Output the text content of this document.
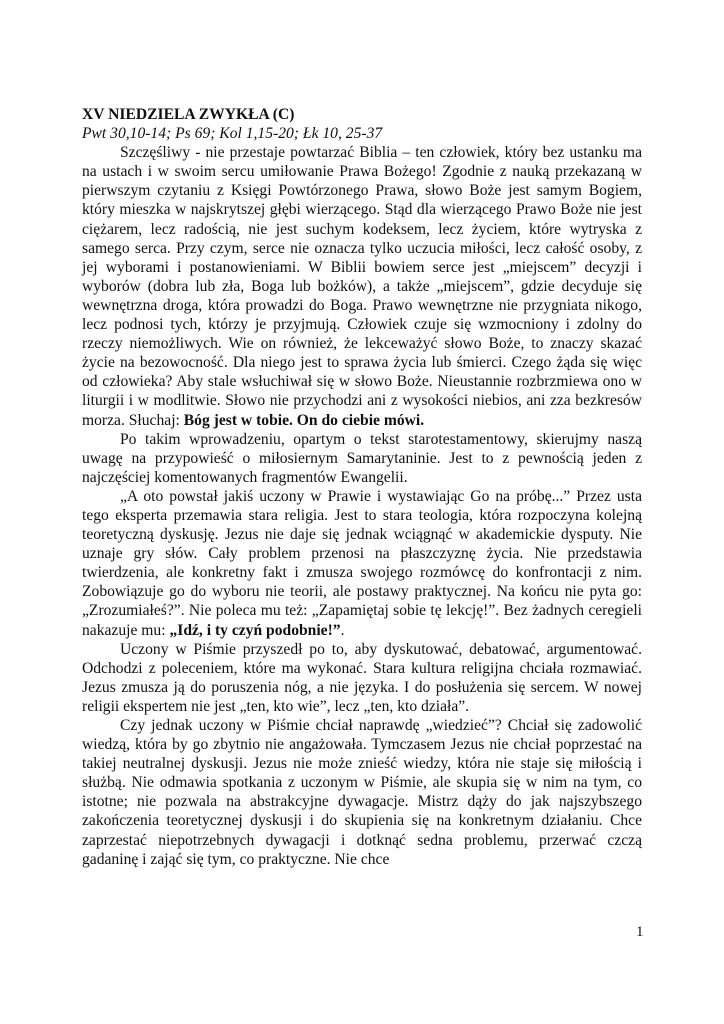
XV NIEDZIELA ZWYKŁA (C)

Pwt 30,10-14; Ps 69; Kol 1,15-20; Łk 10, 25-37

Szczęśliwy - nie przestaje powtarzać Biblia – ten człowiek, który bez ustanku ma na ustach i w swoim sercu umiłowanie Prawa Bożego! Zgodnie z nauką przekazaną w pierwszym czytaniu z Księgi Powtórzonego Prawa, słowo Boże jest samym Bogiem, który mieszka w najskrytszej głębi wierzącego. Stąd dla wierzącego Prawo Boże nie jest ciężarem, lecz radością, nie jest suchym kodeksem, lecz życiem, które wytryska z samego serca. Przy czym, serce nie oznacza tylko uczucia miłości, lecz całość osoby, z jej wyborami i postanowieniami. W Biblii bowiem serce jest „miejscem” decyzji i wyborów (dobra lub zła, Boga lub bożków), a także „miejscem”, gdzie decyduje się wewnętrzna droga, która prowadzi do Boga. Prawo wewnętrzne nie przygniata nikogo, lecz podnosi tych, którzy je przyjmują. Człowiek czuje się wzmocniony i zdolny do rzeczy niemożliwych. Wie on również, że lekceważyć słowo Boże, to znaczy skazać życie na bezowocność. Dla niego jest to sprawa życia lub śmierci. Czego żąda się więc od człowieka? Aby stale wsłuchiwał się w słowo Boże. Nieustannie rozbrzmiewa ono w liturgii i w modlitwie. Słowo nie przychodzi ani z wysokości niebios, ani zza bezkresów morza. Słuchaj: Bóg jest w tobie. On do ciebie mówi.

Po takim wprowadzeniu, opartym o tekst starotestamentowy, skierujmy naszą uwagę na przypowieść o miłosiernym Samarytaninie. Jest to z pewnością jeden z najczęściej komentowanych fragmentów Ewangelii.

„A oto powstał jakiś uczony w Prawie i wystawiając Go na próbę...” Przez usta tego eksperta przemawia stara religia. Jest to stara teologia, która rozpoczyna kolejną teoretyczną dyskusję. Jezus nie daje się jednak wciągnąć w akademickie dysputy. Nie uznaje gry słów. Cały problem przenosi na płaszczyznę życia. Nie przedstawia twierdzenia, ale konkretny fakt i zmusza swojego rozmówcę do konfrontacji z nim. Zobowiązuje go do wyboru nie teorii, ale postawy praktycznej. Na końcu nie pyta go: „Zrozumiałeś?”. Nie poleca mu też: „Zapamiętaj sobie tę lekcję!”. Bez żadnych ceregieli nakazuje mu: „Idź, i ty czyń podobnie!”.

Uczony w Piśmie przyszedł po to, aby dyskutować, debatować, argumentować. Odchodzi z poleceniem, które ma wykonać. Stara kultura religijna chciała rozmawiać. Jezus zmusza ją do poruszenia nóg, a nie języka. I do posłużenia się sercem. W nowej religii ekspertem nie jest „ten, kto wie”, lecz „ten, kto działa”.

Czy jednak uczony w Piśmie chciał naprawdę „wiedzieć”? Chciał się zadowolić wiedzą, która by go zbytnio nie angażowała. Tymczasem Jezus nie chciał poprzestać na takiej neutralnej dyskusji. Jezus nie może znieść wiedzy, która nie staje się miłością i służbą. Nie odmawia spotkania z uczonym w Piśmie, ale skupia się w nim na tym, co istotne; nie pozwala na abstrakcyjne dywagacje. Mistrz dąży do jak najszybszego zakończenia teoretycznej dyskusji i do skupienia się na konkretnym działaniu. Chce zaprzestać niepotrzebnych dywagacji i dotknąć sedna problemu, przerwać czczą gadaninę i zająć się tym, co praktyczne. Nie chce

1
